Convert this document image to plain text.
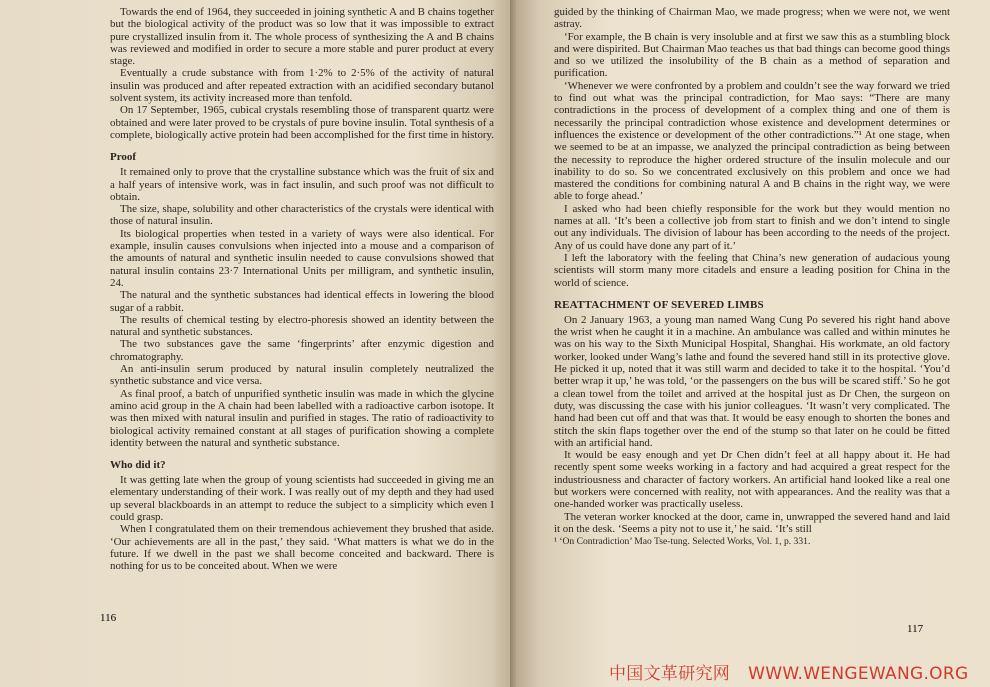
Towards the end of 1964, they succeeded in joining synthetic A and B chains together but the biological activity of the product was so low that it was impossible to extract pure crystallized insulin from it. The whole process of synthesizing the A and B chains was reviewed and modified in order to secure a more stable and purer product at every stage.

Eventually a crude substance with from 1·2% to 2·5% of the activity of natural insulin was produced and after repeated extraction with an acidified secondary butanol solvent system, its activity increased more than tenfold.

On 17 September, 1965, cubical crystals resembling those of transparent quartz were obtained and were later proved to be crystals of pure bovine insulin. Total synthesis of a complete, biologically active protein had been accomplished for the first time in history.

Proof

It remained only to prove that the crystalline substance which was the fruit of six and a half years of intensive work, was in fact insulin, and such proof was not difficult to obtain.

The size, shape, solubility and other characteristics of the crystals were identical with those of natural insulin.

Its biological properties when tested in a variety of ways were also identical. For example, insulin causes convulsions when injected into a mouse and a comparison of the amounts of natural and synthetic insulin needed to cause convulsions showed that natural insulin contains 23·7 International Units per milligram, and synthetic insulin, 24.

The natural and the synthetic substances had identical effects in lowering the blood sugar of a rabbit.

The results of chemical testing by electro-phoresis showed an identity between the natural and synthetic substances.

The two substances gave the same ‘fingerprints’ after enzymic digestion and chromatography.

An anti-insulin serum produced by natural insulin completely neutralized the synthetic substance and vice versa.

As final proof, a batch of unpurified synthetic insulin was made in which the glycine amino acid group in the A chain had been labelled with a radioactive carbon isotope. It was then mixed with natural insulin and purified in stages. The ratio of radioactivity to biological activity remained constant at all stages of purification showing a complete identity between the natural and synthetic substance.

Who did it?

It was getting late when the group of young scientists had succeeded in giving me an elementary understanding of their work. I was really out of my depth and they had used up several blackboards in an attempt to reduce the subject to a simplicity which even I could grasp.

When I congratulated them on their tremendous achievement they brushed that aside. ‘Our achievements are all in the past,’ they said. ‘What matters is what we do in the future. If we dwell in the past we shall become conceited and backward. There is nothing for us to be conceited about. When we were

116

guided by the thinking of Chairman Mao, we made progress; when we were not, we went astray.

‘For example, the B chain is very insoluble and at first we saw this as a stumbling block and were dispirited. But Chairman Mao teaches us that bad things can become good things and so we utilized the insolubility of the B chain as a method of separation and purification.

‘Whenever we were confronted by a problem and couldn’t see the way forward we tried to find out what was the principal contradiction, for Mao says: “There are many contradictions in the process of development of a complex thing and one of them is necessarily the principal contradiction whose existence and development determines or influences the existence or development of the other contradictions.”¹ At one stage, when we seemed to be at an impasse, we analyzed the principal contradiction as being between the necessity to reproduce the higher ordered structure of the insulin molecule and our inability to do so. So we concentrated exclusively on this problem and once we had mastered the conditions for combining natural A and B chains in the right way, we were able to forge ahead.’

I asked who had been chiefly responsible for the work but they would mention no names at all. ‘It’s been a collective job from start to finish and we don’t intend to single out any individuals. The division of labour has been according to the needs of the project. Any of us could have done any part of it.’

I left the laboratory with the feeling that China’s new generation of audacious young scientists will storm many more citadels and ensure a leading position for China in the world of science.

REATTACHMENT OF SEVERED LIMBS

On 2 January 1963, a young man named Wang Cung Po severed his right hand above the wrist when he caught it in a machine. An ambulance was called and within minutes he was on his way to the Sixth Municipal Hospital, Shanghai. His workmate, an old factory worker, looked under Wang’s lathe and found the severed hand still in its protective glove. He picked it up, noted that it was still warm and decided to take it to the hospital. ‘You’d better wrap it up,’ he was told, ‘or the passengers on the bus will be scared stiff.’ So he got a clean towel from the toilet and arrived at the hospital just as Dr Chen, the surgeon on duty, was discussing the case with his junior colleagues. ‘It wasn’t very complicated. The hand had been cut off and that was that. It would be easy enough to shorten the bones and stitch the skin flaps together over the end of the stump so that later on he could be fitted with an artificial hand.

It would be easy enough and yet Dr Chen didn’t feel at all happy about it. He had recently spent some weeks working in a factory and had acquired a great respect for the industriousness and character of factory workers. An artificial hand looked like a real one but workers were concerned with reality, not with appearances. And the reality was that a one-handed worker was practically useless.

The veteran worker knocked at the door, came in, unwrapped the severed hand and laid it on the desk. ‘Seems a pity not to use it,’ he said. ‘It’s still

¹ ‘On Contradiction’ Mao Tse-tung. Selected Works, Vol. 1, p. 331.

117
中国文革研究网 WWW.WENGEWANG.ORG
